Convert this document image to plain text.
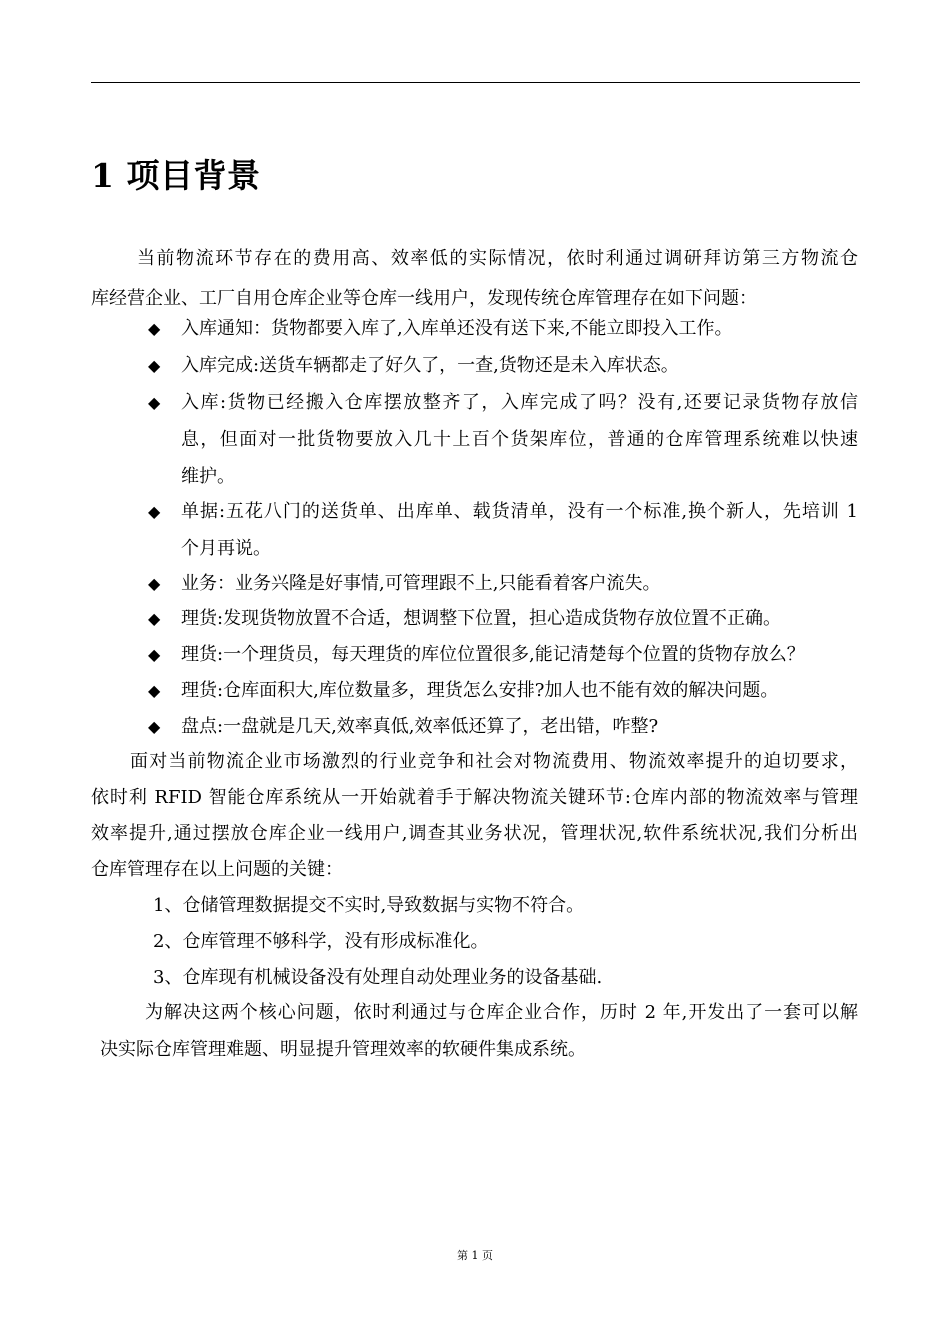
1 项目背景

当前物流环节存在的费用高、效率低的实际情况，依时利通过调研拜访第三方物流仓

库经营企业、工厂自用仓库企业等仓库一线用户，发现传统仓库管理存在如下问题：

◆ 入库通知：货物都要入库了,入库单还没有送下来,不能立即投入工作。

◆ 入库完成:送货车辆都走了好久了，一查,货物还是未入库状态。

◆ 入库:货物已经搬入仓库摆放整齐了，入库完成了吗？没有,还要记录货物存放信

息，但面对一批货物要放入几十上百个货架库位，普通的仓库管理系统难以快速

维护。

◆ 单据:五花八门的送货单、出库单、载货清单，没有一个标准,换个新人，先培训 1

个月再说。

◆ 业务：业务兴隆是好事情,可管理跟不上,只能看着客户流失。

◆ 理货:发现货物放置不合适，想调整下位置，担心造成货物存放位置不正确。

◆ 理货:一个理货员，每天理货的库位位置很多,能记清楚每个位置的货物存放么？

◆ 理货:仓库面积大,库位数量多，理货怎么安排?加人也不能有效的解决问题。

◆ 盘点:一盘就是几天,效率真低,效率低还算了，老出错，咋整?

面对当前物流企业市场激烈的行业竞争和社会对物流费用、物流效率提升的迫切要求，

依时利 RFID 智能仓库系统从一开始就着手于解决物流关键环节:仓库内部的物流效率与管理

效率提升,通过摆放仓库企业一线用户,调查其业务状况，管理状况,软件系统状况,我们分析出

仓库管理存在以上问题的关键：

1、仓储管理数据提交不实时,导致数据与实物不符合。

2、仓库管理不够科学，没有形成标准化。

3、仓库现有机械设备没有处理自动处理业务的设备基础.

为解决这两个核心问题，依时利通过与仓库企业合作，历时 2 年,开发出了一套可以解

决实际仓库管理难题、明显提升管理效率的软硬件集成系统。

第 1 页
